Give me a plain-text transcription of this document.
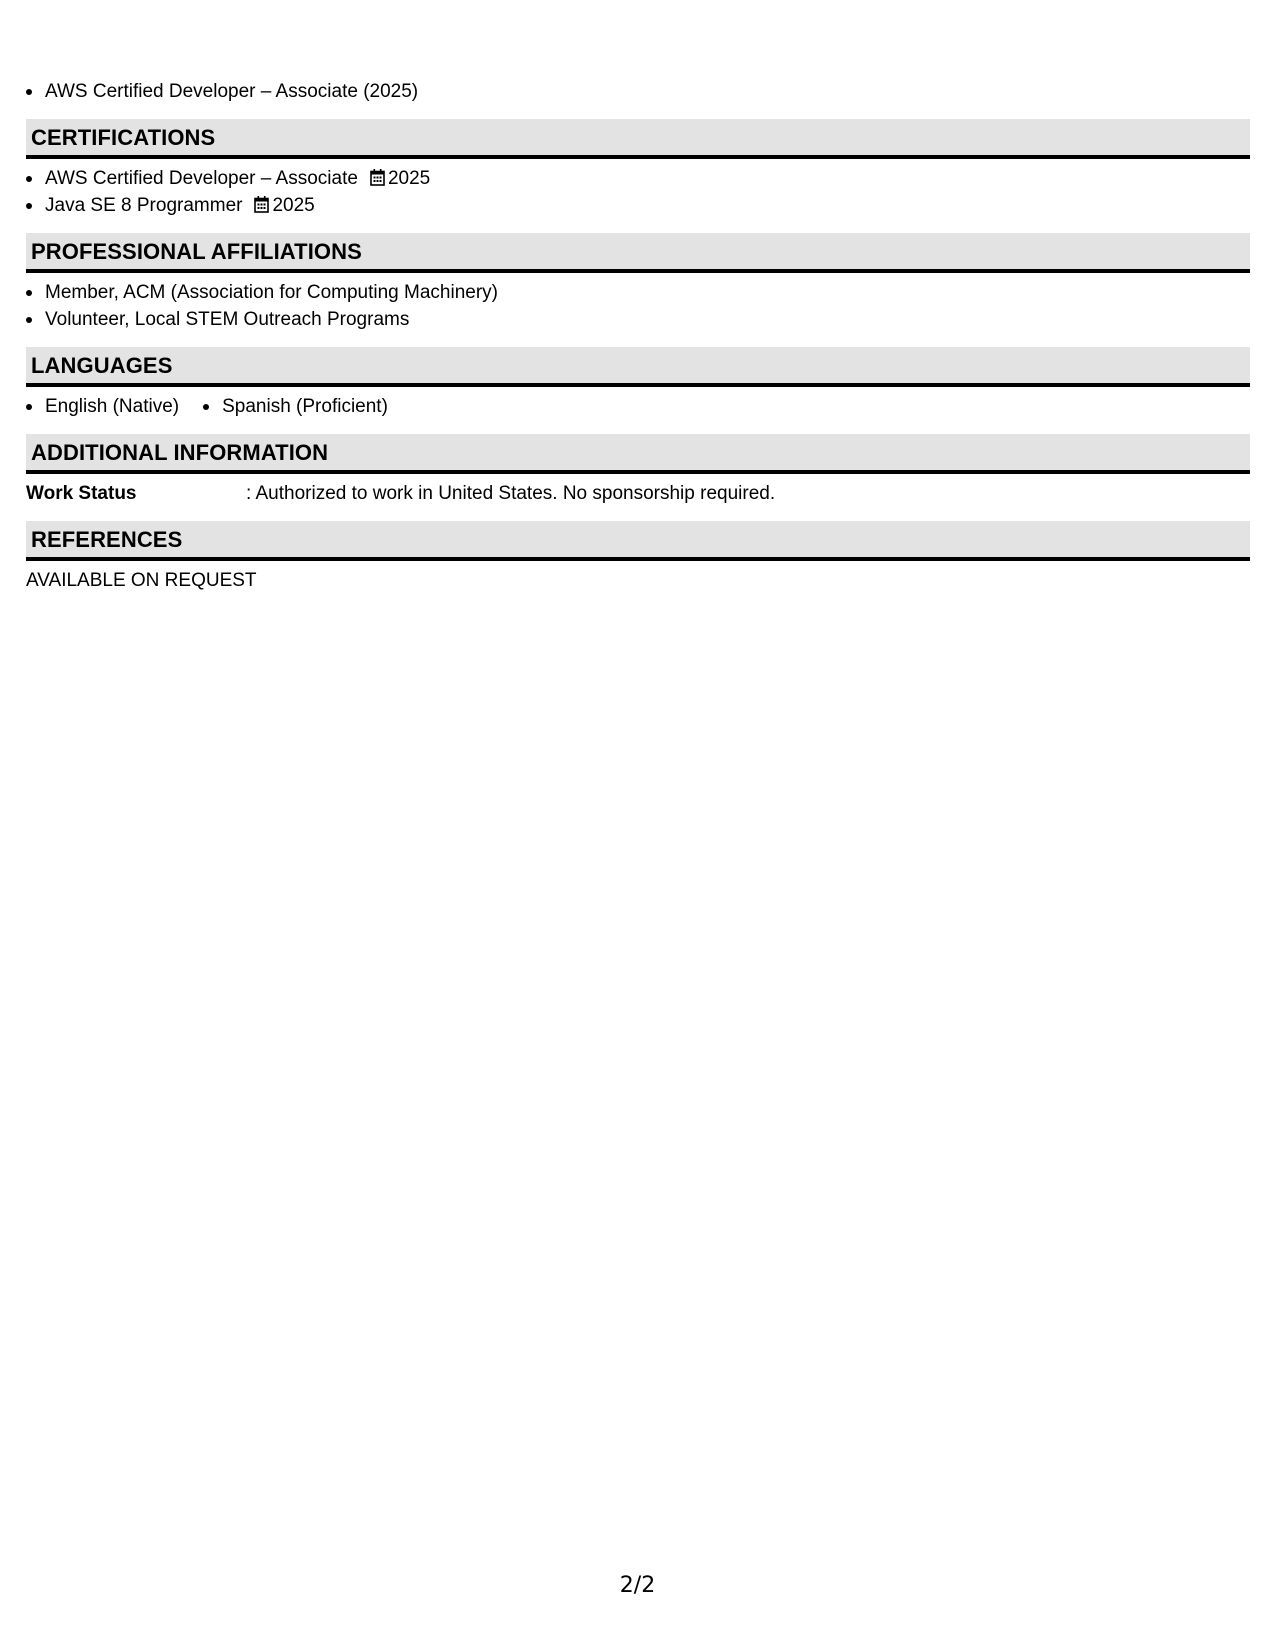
AWS Certified Developer – Associate (2025)
CERTIFICATIONS
AWS Certified Developer – Associate 2025
Java SE 8 Programmer 2025
PROFESSIONAL AFFILIATIONS
Member, ACM (Association for Computing Machinery)
Volunteer, Local STEM Outreach Programs
LANGUAGES
English (Native)	Spanish (Proficient)
ADDITIONAL INFORMATION
Work Status	: Authorized to work in United States. No sponsorship required.
REFERENCES
AVAILABLE ON REQUEST
2/2
